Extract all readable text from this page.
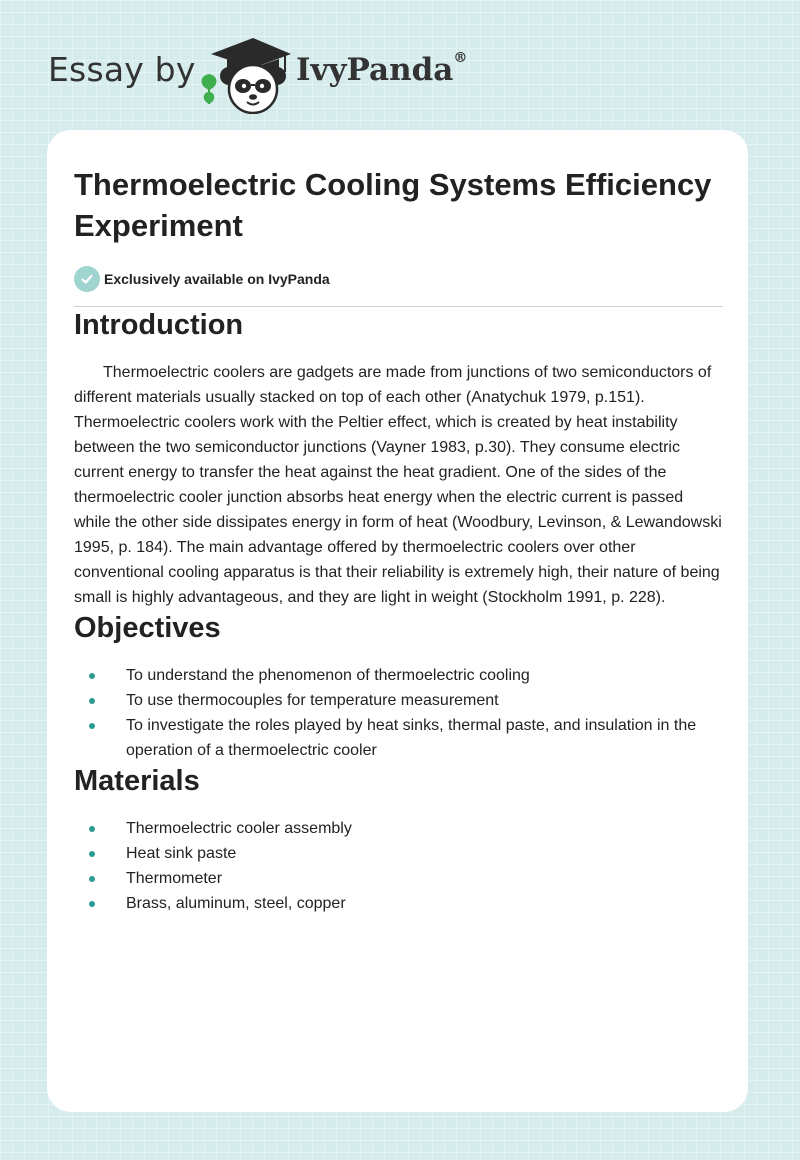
Essay by	IvyPanda®
Thermoelectric Cooling Systems Efficiency Experiment
Exclusively available on IvyPanda
Introduction

Thermoelectric coolers are gadgets are made from junctions of two semiconductors of different materials usually stacked on top of each other (Anatychuk 1979, p.151). Thermoelectric coolers work with the Peltier effect, which is created by heat instability between the two semiconductor junctions (Vayner 1983, p.30). They consume electric current energy to transfer the heat against the heat gradient. One of the sides of the thermoelectric cooler junction absorbs heat energy when the electric current is passed while the other side dissipates energy in form of heat (Woodbury, Levinson, & Lewandowski 1995, p. 184). The main advantage offered by thermoelectric coolers over other conventional cooling apparatus is that their reliability is extremely high, their nature of being small is highly advantageous, and they are light in weight (Stockholm 1991, p. 228).

Objectives
To understand the phenomenon of thermoelectric cooling
To use thermocouples for temperature measurement
To investigate the roles played by heat sinks, thermal paste, and insulation in the operation of a thermoelectric cooler
Materials
Thermoelectric cooler assembly
Heat sink paste
Thermometer
Brass, aluminum, steel, copper
